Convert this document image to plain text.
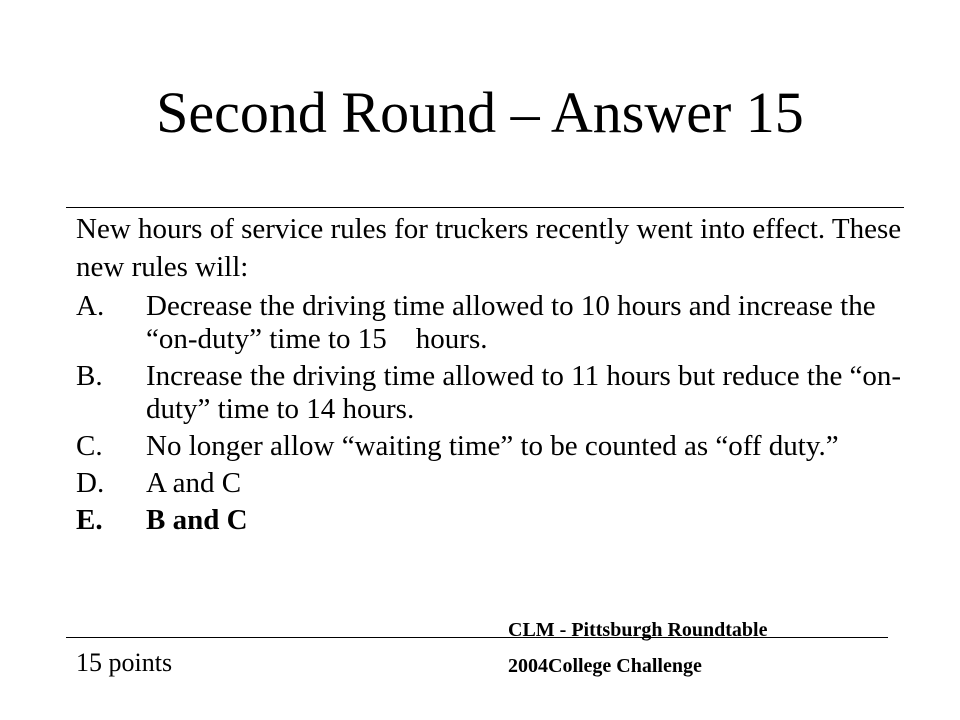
Second Round – Answer 15

New hours of service rules for truckers recently went into effect. These new rules will:

A.	Decrease the driving time allowed to 10 hours and increase the “on-duty” time to 15    hours.
B.	Increase the driving time allowed to 11 hours but reduce the “on-duty” time to 14 hours.
C.	No longer allow “waiting time” to be counted as “off duty.”
D.	A and C
E.	B and C
15 points
CLM - Pittsburgh Roundtable
2004College Challenge
